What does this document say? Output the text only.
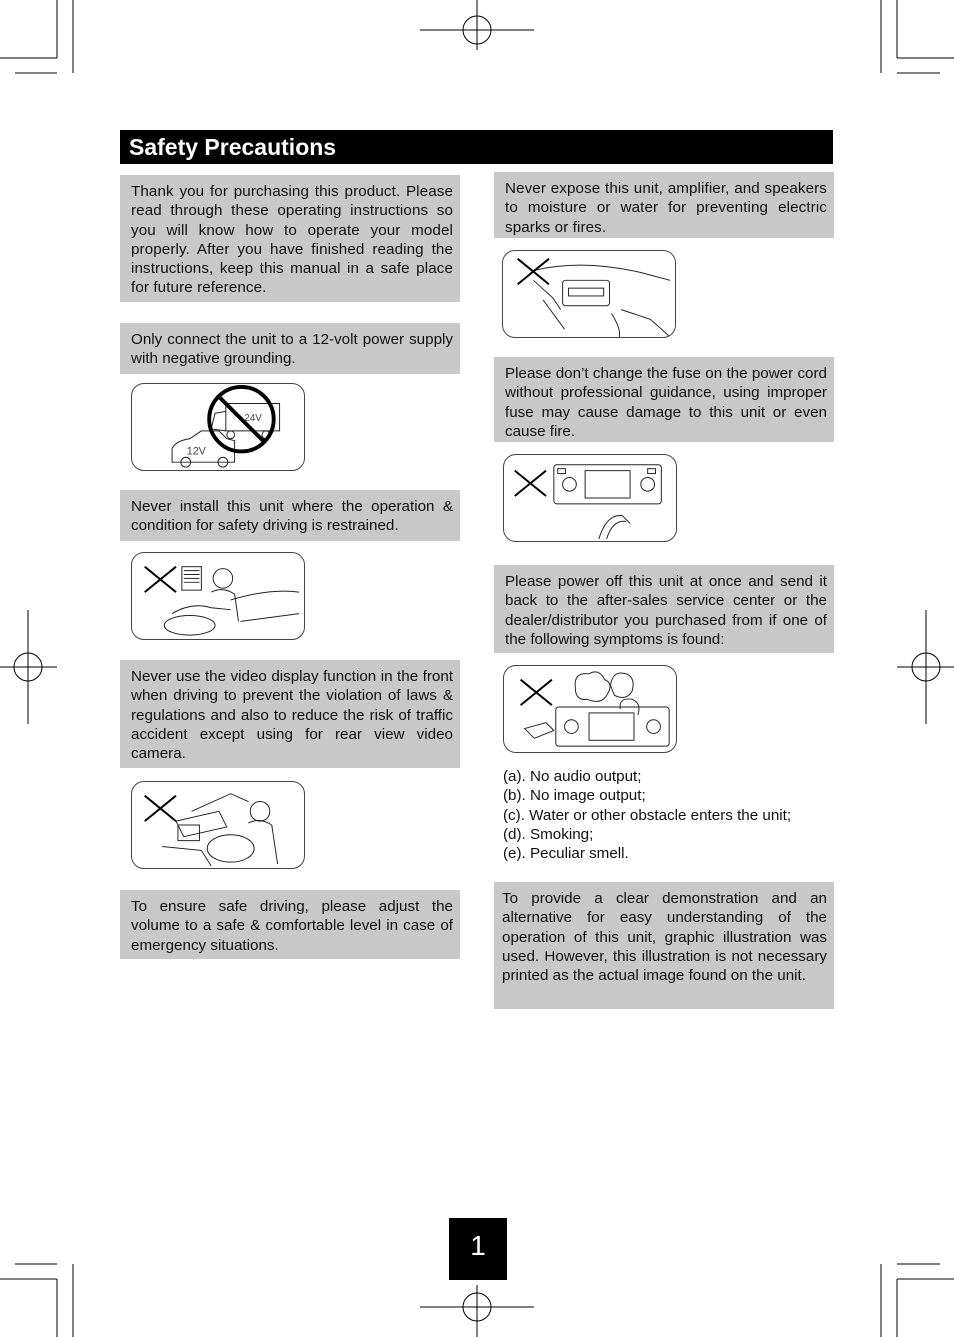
Safety Precautions
Thank you for purchasing this product. Please read through these operating instructions so you will know how to operate your model properly. After you have finished reading the instructions, keep this manual in a safe place for future reference.
Only connect the unit to a 12-volt power supply with negative grounding.
24V
12V
Never install this unit where the operation & condition for safety driving is restrained.
Never use the video display function in the front when driving to prevent the violation of laws & regulations and also to reduce the risk of traffic accident except using for rear view video camera.
To ensure safe driving, please adjust the volume to a safe & comfortable level in case of emergency situations.
Never expose this unit, amplifier, and speakers to moisture or water for preventing electric sparks or fires.
Please don’t change the fuse on the power cord without professional guidance, using improper fuse may cause damage to this unit or even cause fire.
Please power off this unit at once and send it back to the after-sales service center or the dealer/distributor you purchased from if one of the following symptoms is found:
(a). No audio output;
(b). No image output;
(c). Water or other obstacle enters the unit;
(d). Smoking;
(e). Peculiar smell.
To provide a clear demonstration and an alternative for easy understanding of the operation of this unit, graphic illustration was used. However, this illustration is not necessary printed as the actual image found on the unit.
1
